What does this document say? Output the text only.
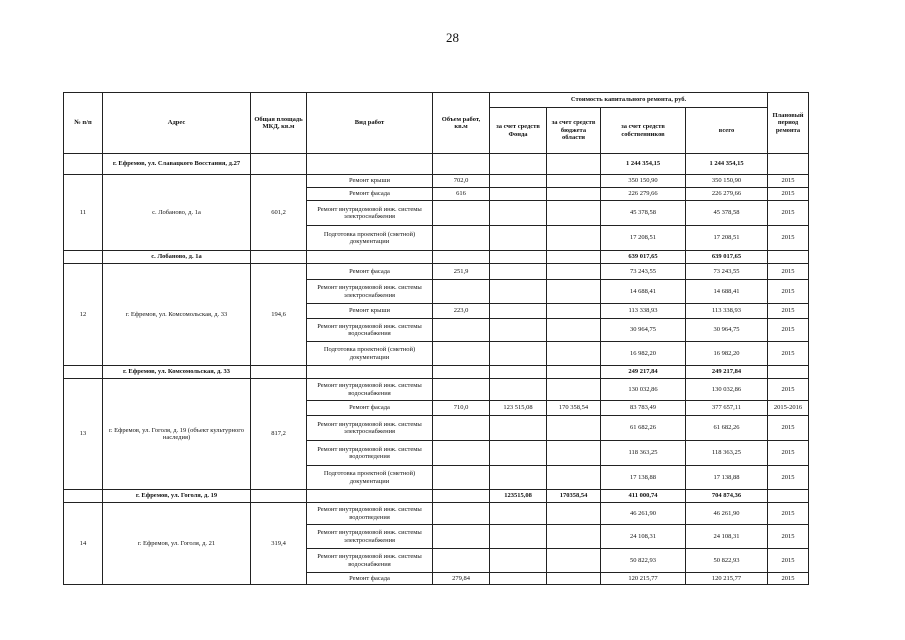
28
№ п/п	Адрес	Общая площадь МКД, кв.м	Вид работ	Объем работ, кв.м	Стоимость капитального ремонта, руб.				Плановый период ремонта
					за счет средств Фонда	за счет средств бюджета области	за счет средств собственников	всего	
	г. Ефремов, ул. Славацкого Восстания, д.27						1 244 354,15	1 244 354,15	
11	с. Лобаново, д. 1а	601,2	Ремонт крыши	702,0			350 150,90	350 150,90	2015
			Ремонт фасада	616			226 279,66	226 279,66	2015
			Ремонт внутридомовой инж. системы электроснабжения				45 378,58	45 378,58	2015
			Подготовка проектной (сметной) документации				17 208,51	17 208,51	2015
	с. Лобаново, д. 1а						639 017,65	639 017,65	
12	г. Ефремов, ул. Комсомольская, д. 33	194,6	Ремонт фасада	251,9			73 243,55	73 243,55	2015
			Ремонт внутридомовой инж. системы электроснабжения				14 688,41	14 688,41	2015
			Ремонт крыши	223,0			113 338,93	113 338,93	2015
			Ремонт внутридомовой инж. системы водоснабжения				30 964,75	30 964,75	2015
			Подготовка проектной (сметной) документации				16 982,20	16 982,20	2015
	г. Ефремов, ул. Комсомольская, д. 33						249 217,84	249 217,84	
13	г. Ефремов, ул. Гоголя, д. 19 (объект культурного наследия)	817,2	Ремонт внутридомовой инж. системы водоснабжения				130 032,86	130 032,86	2015
			Ремонт фасада	710,0	123 515,08	170 358,54	83 783,49	377 657,11	2015-2016
			Ремонт внутридомовой инж. системы электроснабжения				61 682,26	61 682,26	2015
			Ремонт внутридомовой инж. системы водоотведения				118 363,25	118 363,25	2015
			Подготовка проектной (сметной) документации				17 138,88	17 138,88	2015
	г. Ефремов, ул. Гоголя, д. 19				123515,08	170358,54	411 000,74	704 874,36	
14	г. Ефремов, ул. Гоголя, д. 21	319,4	Ремонт внутридомовой инж. системы водоотведения				46 261,90	46 261,90	2015
			Ремонт внутридомовой инж. системы электроснабжения				24 108,31	24 108,31	2015
			Ремонт внутридомовой инж. системы водоснабжения				50 822,93	50 822,93	2015
			Ремонт фасада	279,84			120 215,77	120 215,77	2015
